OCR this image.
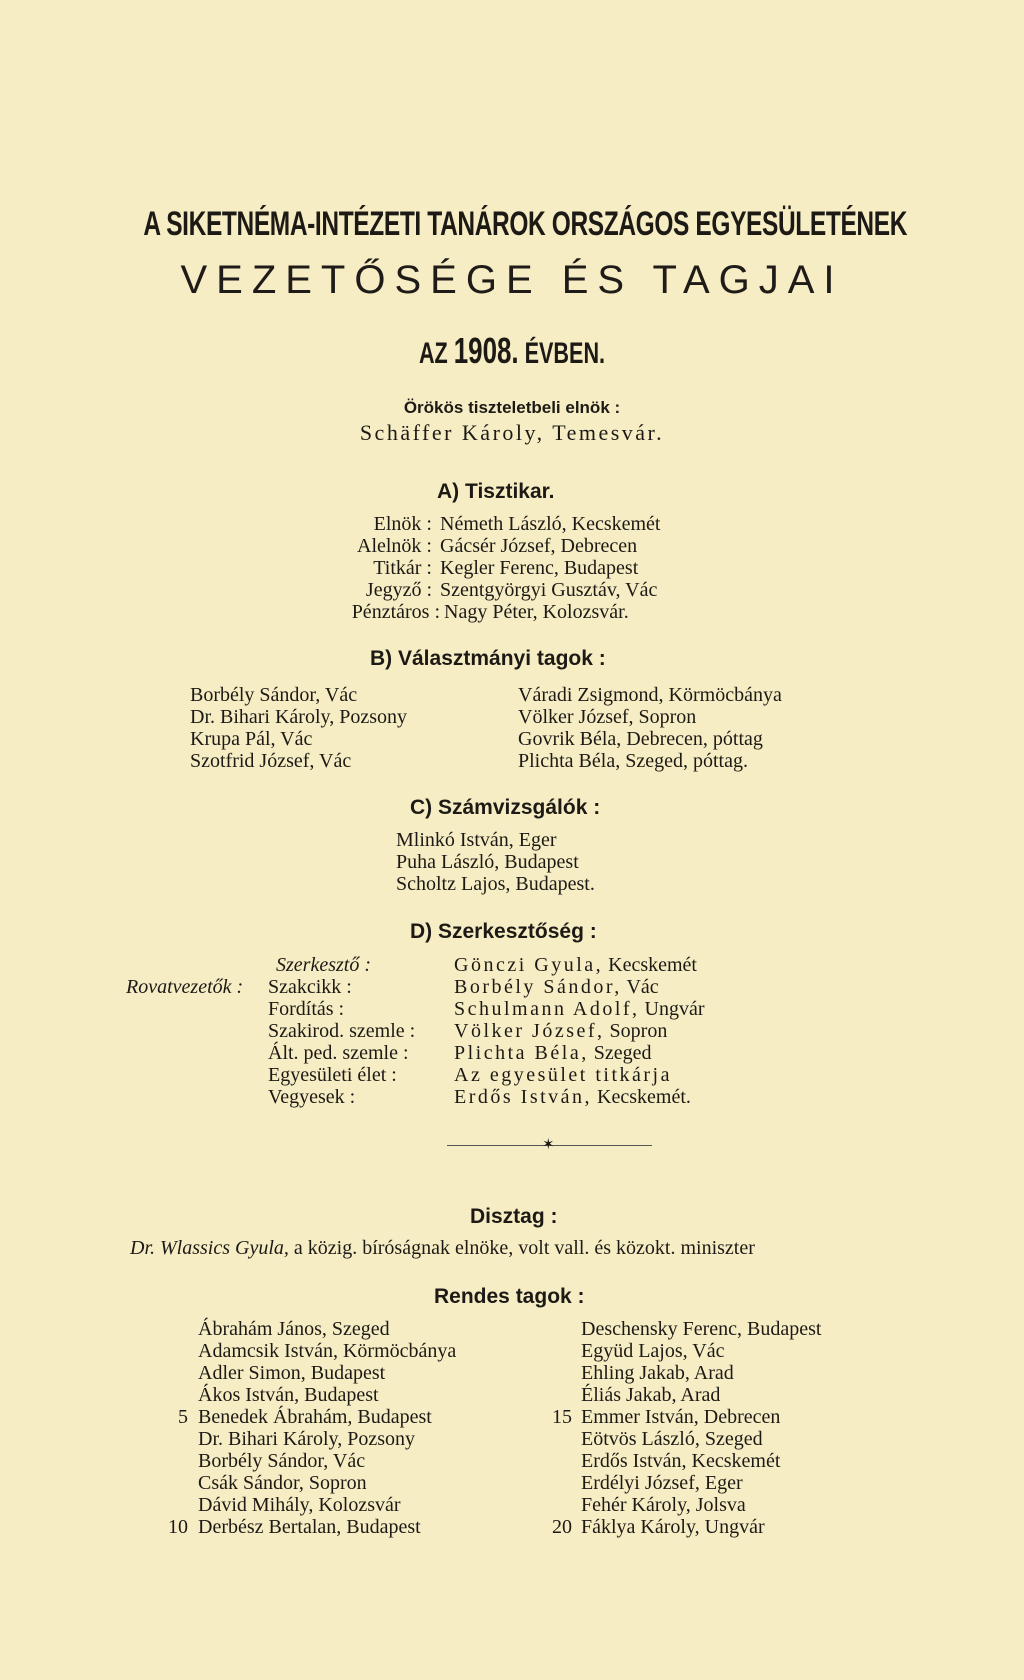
A SIKETNÉMA-INTÉZETI TANÁROK ORSZÁGOS EGYESÜLETÉNEK
VEZETŐSÉGE ÉS TAGJAI
AZ 1908. ÉVBEN.
Örökös tiszteletbeli elnök :
Schäffer Károly, Temesvár.
A) Tisztikar.
Elnök : Németh László, Kecskemét
Alelnök : Gácsér József, Debrecen
Titkár : Kegler Ferenc, Budapest
Jegyző : Szentgyörgyi Gusztáv, Vác
Pénztáros : Nagy Péter, Kolozsvár.
B) Választmányi tagok :
Borbély Sándor, Vác
Dr. Bihari Károly, Pozsony
Krupa Pál, Vác
Szotfrid József, Vác
Váradi Zsigmond, Körmöcbánya
Völker József, Sopron
Govrik Béla, Debrecen, póttag
Plichta Béla, Szeged, póttag.
C) Számvizsgálók :
Mlinkó István, Eger
Puha László, Budapest
Scholtz Lajos, Budapest.
D) Szerkesztőség :
Rovatvezetők :
Szerkesztő :	Gönczi Gyula, Kecskemét
Szakcikk :	Borbély Sándor, Vác
Fordítás :	Schulmann Adolf, Ungvár
Szakirod. szemle : Völker József, Sopron
Ált. ped. szemle : Plichta Béla, Szeged
Egyesületi élet :	Az egyesület titkárja
Vegyesek :	Erdős István, Kecskemét.
✶
Disztag :
Dr. Wlassics Gyula, a közig. bíróságnak elnöke, volt vall. és közokt. miniszter
Rendes tagok :
Ábrahám János, Szeged
Adamcsik István, Körmöcbánya
Adler Simon, Budapest
Ákos István, Budapest
5 Benedek Ábrahám, Budapest
Dr. Bihari Károly, Pozsony
Borbély Sándor, Vác
Csák Sándor, Sopron
Dávid Mihály, Kolozsvár
10 Derbész Bertalan, Budapest
Deschensky Ferenc, Budapest
Együd Lajos, Vác
Ehling Jakab, Arad
Éliás Jakab, Arad
15 Emmer István, Debrecen
Eötvös László, Szeged
Erdős István, Kecskemét
Erdélyi József, Eger
Fehér Károly, Jolsva
20 Fáklya Károly, Ungvár
